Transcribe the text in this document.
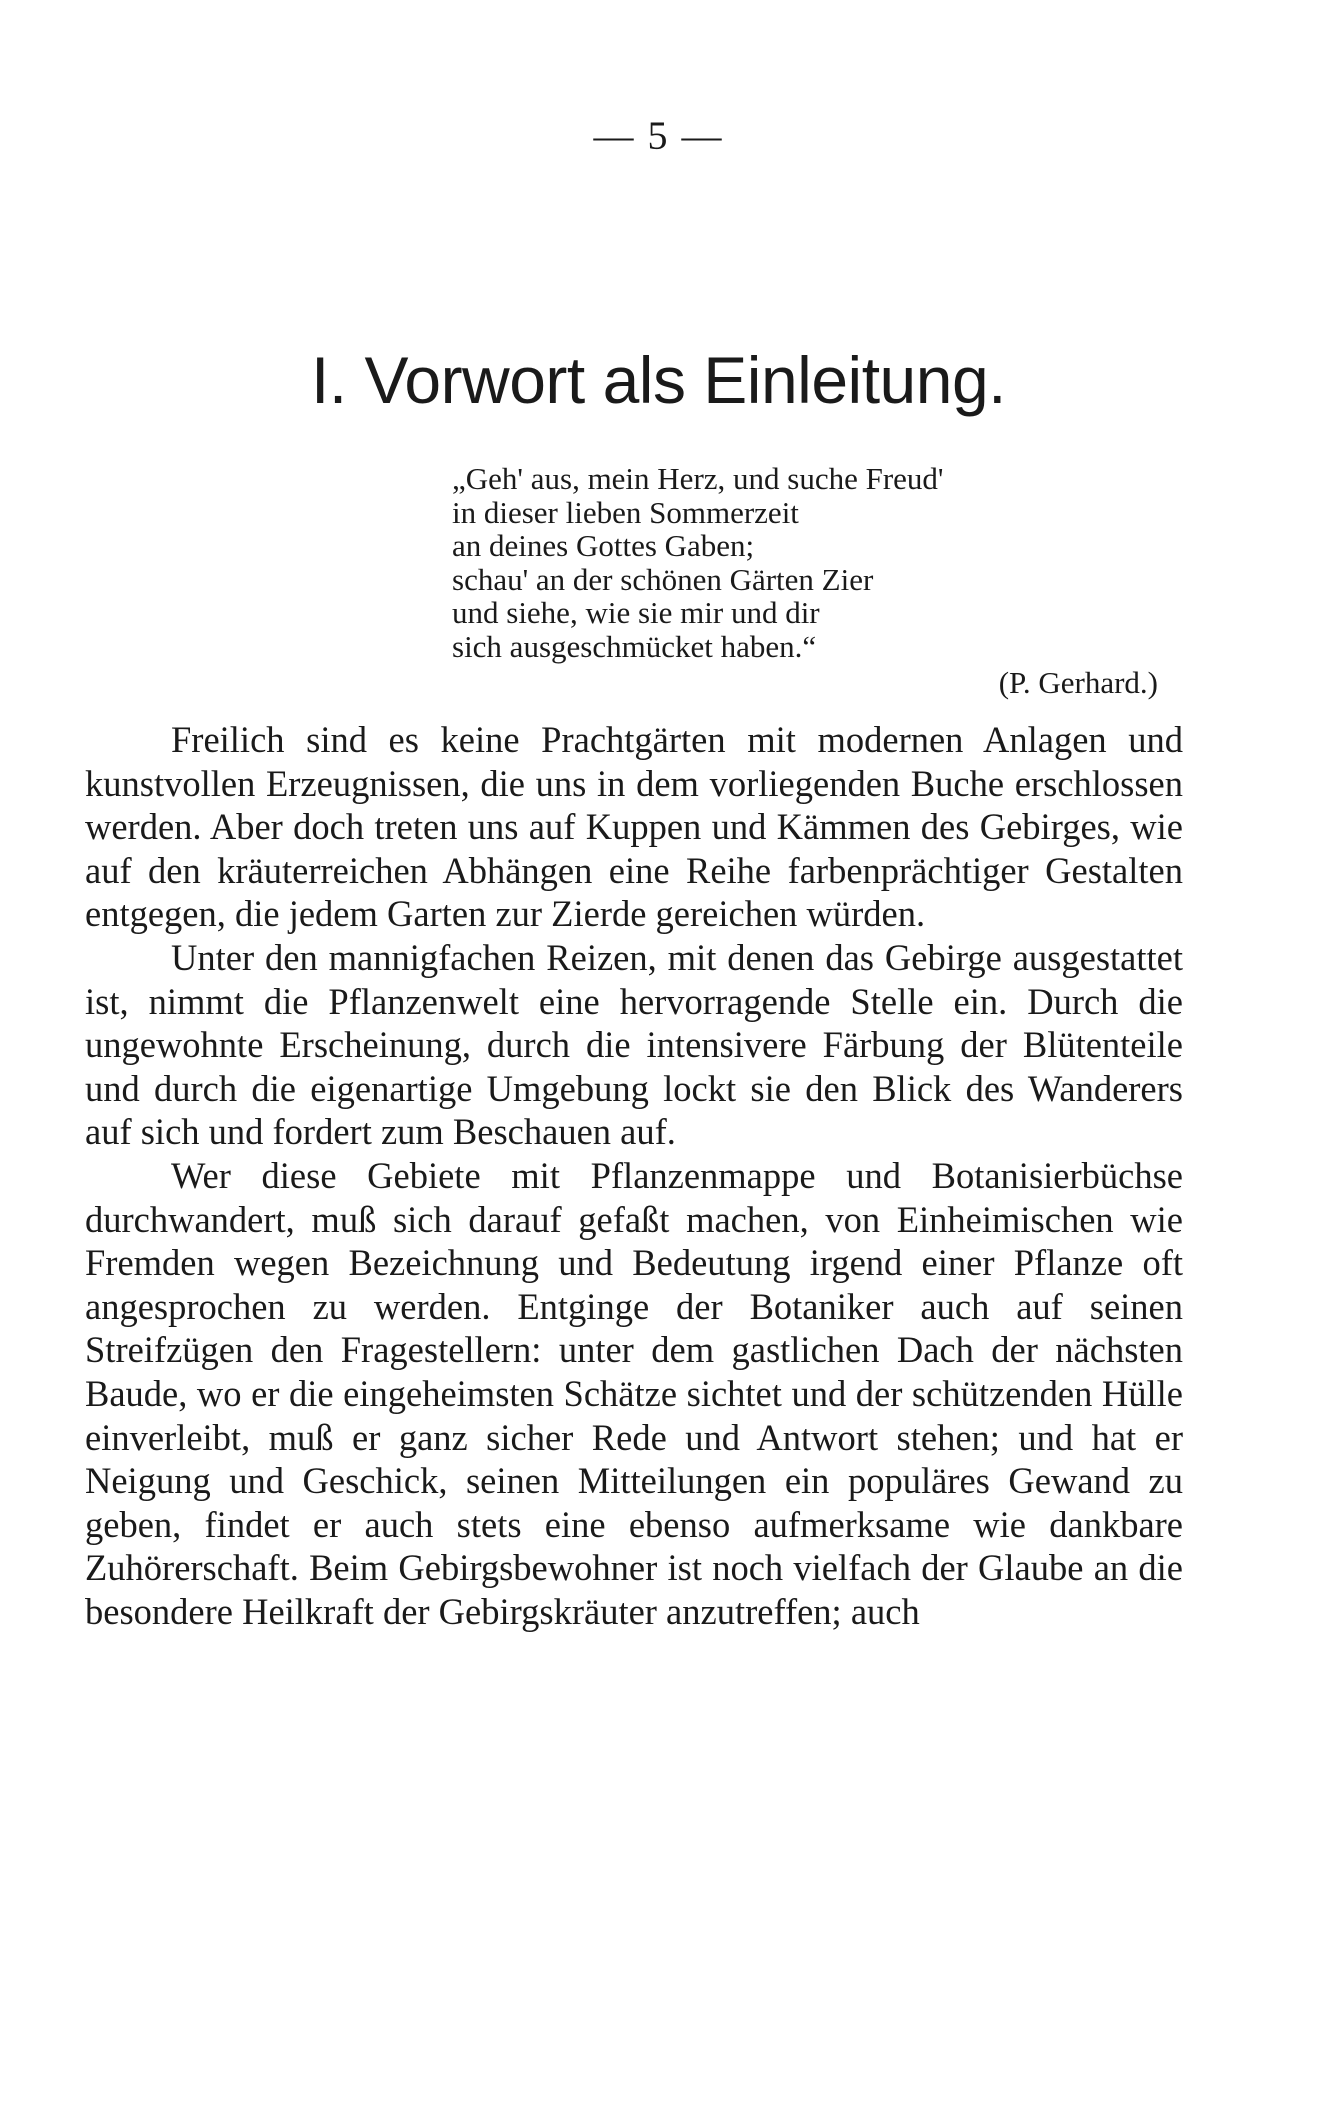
— 5 —
I. Vorwort als Einleitung.
„Geh' aus, mein Herz, und suche Freud'
in dieser lieben Sommerzeit
an deines Gottes Gaben;
schau' an der schönen Gärten Zier
und siehe, wie sie mir und dir
sich ausgeschmücket haben.“
(P. Gerhard.)

Freilich sind es keine Prachtgärten mit modernen Anlagen und kunstvollen Erzeugnissen, die uns in dem vorliegenden Buche erschlossen werden. Aber doch treten uns auf Kuppen und Kämmen des Gebirges, wie auf den kräuterreichen Abhängen eine Reihe farbenprächtiger Gestalten entgegen, die jedem Garten zur Zierde gereichen würden.

Unter den mannigfachen Reizen, mit denen das Gebirge ausgestattet ist, nimmt die Pflanzenwelt eine hervorragende Stelle ein. Durch die ungewohnte Erscheinung, durch die intensivere Färbung der Blütenteile und durch die eigenartige Umgebung lockt sie den Blick des Wanderers auf sich und fordert zum Beschauen auf.

Wer diese Gebiete mit Pflanzenmappe und Botanisierbüchse durchwandert, muß sich darauf gefaßt machen, von Einheimischen wie Fremden wegen Bezeichnung und Bedeutung irgend einer Pflanze oft angesprochen zu werden. Entginge der Botaniker auch auf seinen Streifzügen den Fragestellern: unter dem gastlichen Dach der nächsten Baude, wo er die eingeheimsten Schätze sichtet und der schützenden Hülle einverleibt, muß er ganz sicher Rede und Antwort stehen; und hat er Neigung und Geschick, seinen Mitteilungen ein populäres Gewand zu geben, findet er auch stets eine ebenso aufmerksame wie dankbare Zuhörerschaft. Beim Gebirgsbewohner ist noch vielfach der Glaube an die besondere Heilkraft der Gebirgskräuter anzutreffen; auch
